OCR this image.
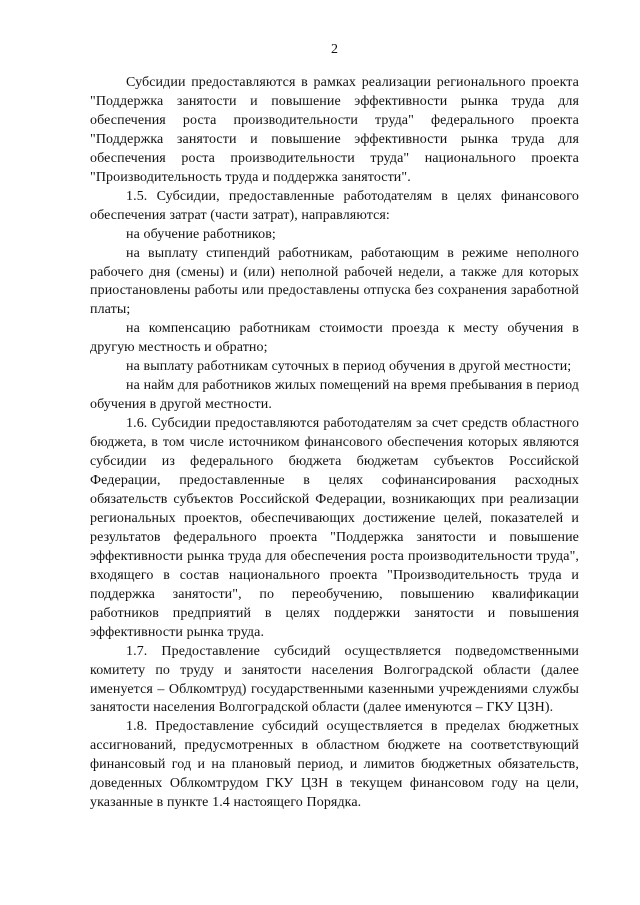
2

Субсидии предоставляются в рамках реализации регионального проекта "Поддержка занятости и повышение эффективности рынка труда для обеспечения роста производительности труда" федерального проекта "Поддержка занятости и повышение эффективности рынка труда для обеспечения роста производительности труда" национального проекта "Производительность труда и поддержка занятости".

1.5. Субсидии, предоставленные работодателям в целях финансового обеспечения затрат (части затрат), направляются:

на обучение работников;

на выплату стипендий работникам, работающим в режиме неполного рабочего дня (смены) и (или) неполной рабочей недели, а также для которых приостановлены работы или предоставлены отпуска без сохранения заработной платы;

на компенсацию работникам стоимости проезда к месту обучения в другую местность и обратно;

на выплату работникам суточных в период обучения в другой местности;

на найм для работников жилых помещений на время пребывания в период обучения в другой местности.

1.6. Субсидии предоставляются работодателям за счет средств областного бюджета, в том числе источником финансового обеспечения которых являются субсидии из федерального бюджета бюджетам субъектов Российской Федерации, предоставленные в целях софинансирования расходных обязательств субъектов Российской Федерации, возникающих при реализации региональных проектов, обеспечивающих достижение целей, показателей и результатов федерального проекта "Поддержка занятости и повышение эффективности рынка труда для обеспечения роста производительности труда", входящего в состав национального проекта "Производительность труда и поддержка занятости", по переобучению, повышению квалификации работников предприятий в целях поддержки занятости и повышения эффективности рынка труда.

1.7. Предоставление субсидий осуществляется подведомственными комитету по труду и занятости населения Волгоградской области (далее именуется – Облкомтруд) государственными казенными учреждениями службы занятости населения Волгоградской области (далее именуются – ГКУ ЦЗН).

1.8. Предоставление субсидий осуществляется в пределах бюджетных ассигнований, предусмотренных в областном бюджете на соответствующий финансовый год и на плановый период, и лимитов бюджетных обязательств, доведенных Облкомтрудом ГКУ ЦЗН в текущем финансовом году на цели, указанные в пункте 1.4 настоящего Порядка.
